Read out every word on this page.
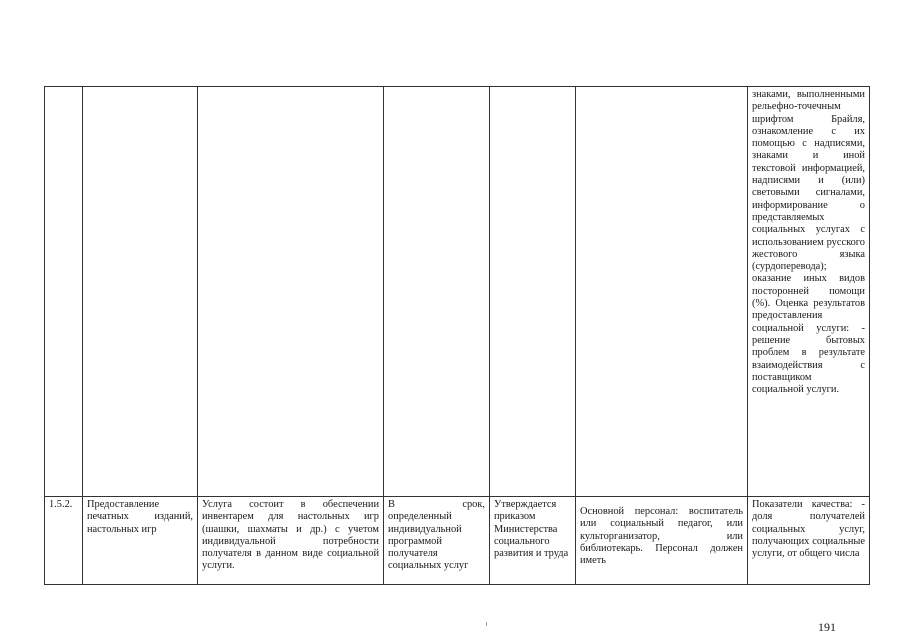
						знаками, выполненными рельефно-точечным шрифтом Брайля, ознакомление с их помощью с надписями, знаками и иной текстовой информацией, надписями и (или) световыми сигналами, информирование о представляемых социальных услугах с использованием русского жестового языка (сурдоперевода); оказание иных видов посторонней помощи (%). Оценка результатов предоставления социальной услуги: - решение бытовых проблем в результате взаимодействия с поставщиком социальной услуги.

1.5.2.	Предоставление печатных изданий, настольных игр	Услуга состоит в обеспечении инвентарем для настольных игр (шашки, шахматы и др.) с учетом индивидуальной потребности получателя в данном виде социальной услуги.	В срок, определенный индивидуальной программой получателя социальных услуг	Утверждается приказом Министерства социального развития и труда	Основной персонал: воспитатель или социальный педагог, или культорганизатор, или библиотекарь. Персонал должен иметь	Показатели качества: - доля получателей социальных услуг, получающих социальные услуги, от общего числа
191
